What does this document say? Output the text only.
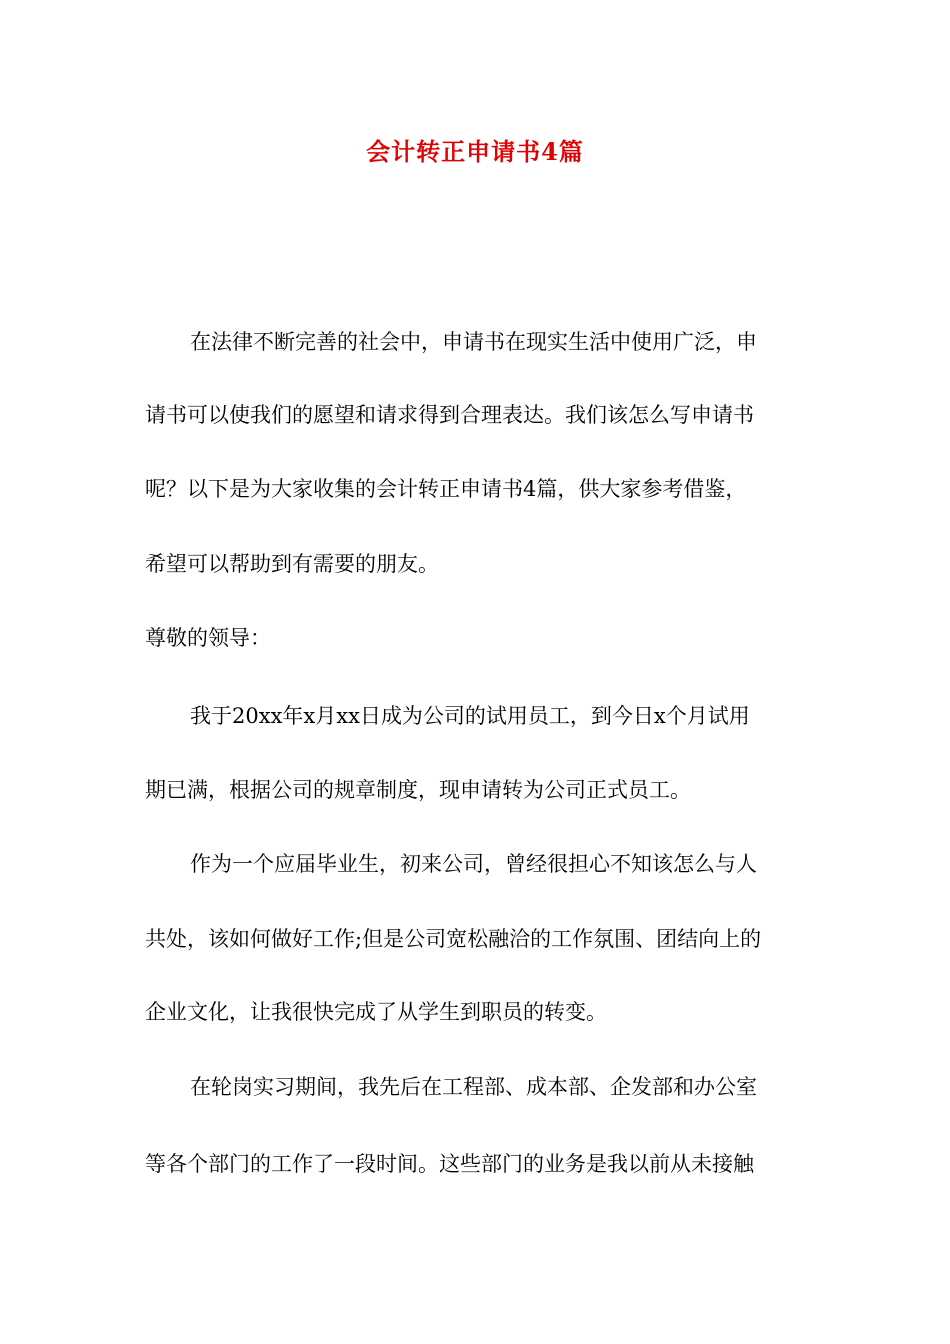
会计转正申请书4篇
在法律不断完善的社会中，申请书在现实生活中使用广泛，申
请书可以使我们的愿望和请求得到合理表达。我们该怎么写申请书
呢？以下是为大家收集的会计转正申请书4篇，供大家参考借鉴，
希望可以帮助到有需要的朋友。
尊敬的领导：
我于20xx年x月xx日成为公司的试用员工，到今日x个月试用
期已满，根据公司的规章制度，现申请转为公司正式员工。
作为一个应届毕业生，初来公司，曾经很担心不知该怎么与人
共处，该如何做好工作;但是公司宽松融洽的工作氛围、团结向上的
企业文化，让我很快完成了从学生到职员的转变。
在轮岗实习期间，我先后在工程部、成本部、企发部和办公室
等各个部门的工作了一段时间。这些部门的业务是我以前从未接触
